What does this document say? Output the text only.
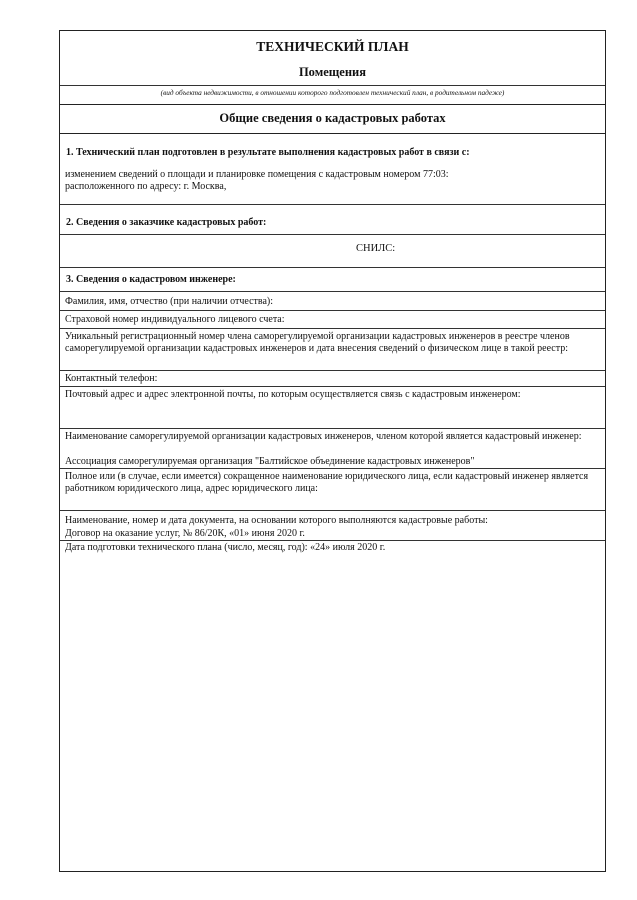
ТЕХНИЧЕСКИЙ ПЛАН
Помещения
(вид объекта недвижимости, в отношении которого подготовлен технический план, в родительном падеже)
Общие сведения о кадастровых работах
1. Технический план подготовлен в результате выполнения кадастровых работ в связи с:
изменением сведений о площади и планировке помещения с кадастровым номером 77:03:
расположенного по адресу: г. Москва,
2. Сведения о заказчике кадастровых работ:
СНИЛС:
3. Сведения о кадастровом инженере:
Фамилия, имя, отчество (при наличии отчества):
Страховой номер индивидуального лицевого счета:
Уникальный регистрационный номер члена саморегулируемой организации кадастровых инженеров в реестре членов саморегулируемой организации кадастровых инженеров и дата внесения сведений о физическом лице в такой реестр:
Контактный телефон:
Почтовый адрес и адрес электронной почты, по которым осуществляется связь с кадастровым инженером:
Наименование саморегулируемой организации кадастровых инженеров, членом которой является кадастровый инженер:
Ассоциация саморегулируемая организация "Балтийское объединение кадастровых инженеров"
Полное или (в случае, если имеется) сокращенное наименование юридического лица, если кадастровый инженер является работником юридического лица, адрес юридического лица:
Наименование, номер и дата документа, на основании которого выполняются кадастровые работы:
Договор на оказание услуг, № 86/20К, «01» июня 2020 г.
Дата подготовки технического плана (число, месяц, год): «24» июля 2020 г.
